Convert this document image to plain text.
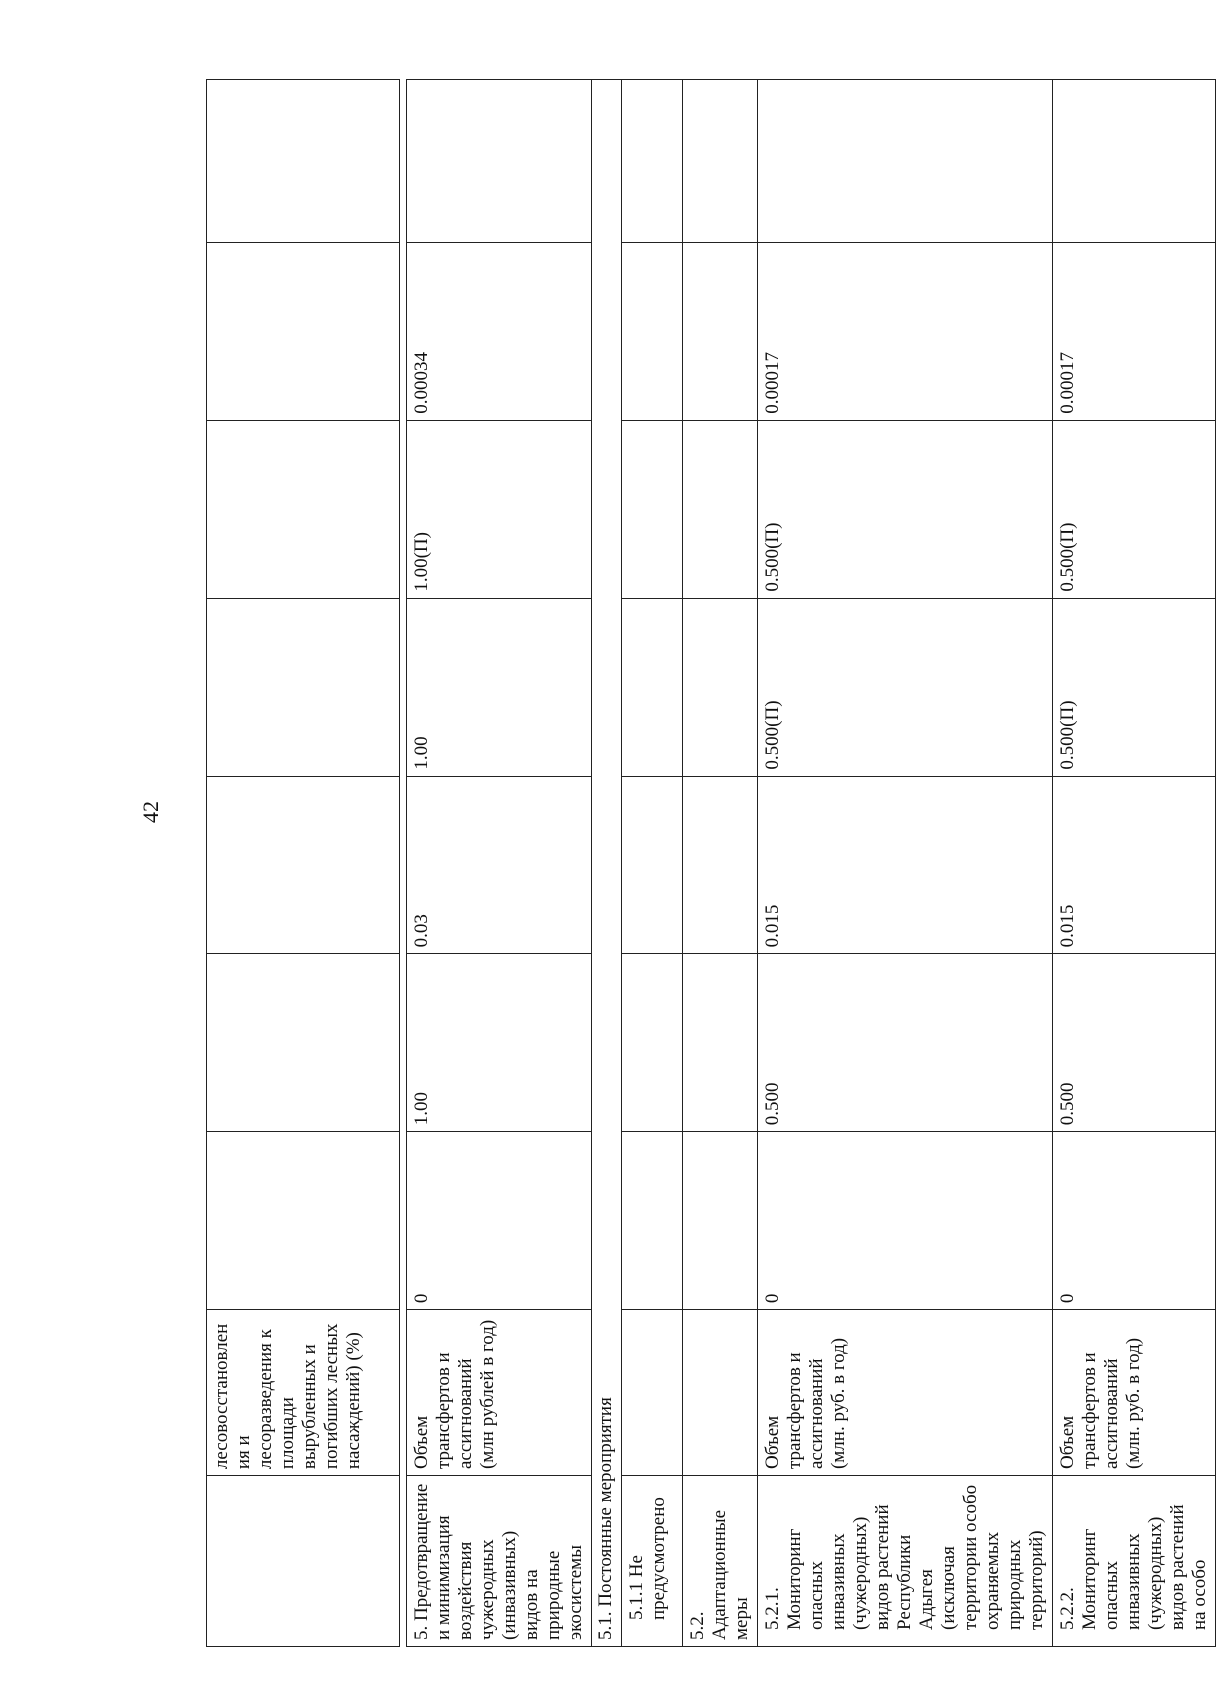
42
	лесовосстановлен ия и лесоразведения к площади вырубленных и погибших лесных насаждений) (%)							
5. Предотвращение и минимизация воздействия чужеродных (инвазивных) видов на природные экосистемы	Объем трансфертов и ассигнований (млн рублей в год)	0	1.00	0.03	1.00	1.00(П)	0.00034	
5.1. Постоянные мероприятия								
5.1.1 Не предусмотрено								
5.2. Адаптационные меры								
5.2.1. Мониторинг опасных инвазивных (чужеродных) видов растений Республики Адыгея (исключая территории особо охраняемых природных территорий)	Объем трансфертов и ассигнований (млн. руб. в год)	0	0.500	0.015	0.500(П)	0.500(П)	0.00017	
5.2.2. Мониторинг опасных инвазивных (чужеродных) видов растений на особо	Объем трансфертов и ассигнований (млн. руб. в год)	0	0.500	0.015	0.500(П)	0.500(П)	0.00017	
